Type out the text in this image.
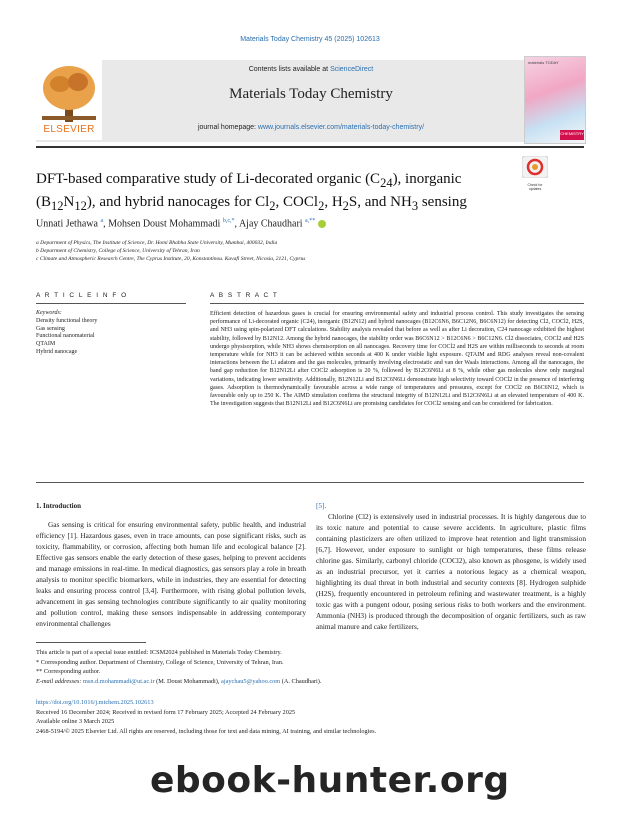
Materials Today Chemistry 45 (2025) 102613
ELSEVIER
Contents lists available at ScienceDirect
Materials Today Chemistry
journal homepage: www.journals.elsevier.com/materials-today-chemistry/
materials TODAY
CHEMISTRY
DFT-based comparative study of Li-decorated organic $(C_{24})$, inorganic
$(B_{12}N_{12})$, and hybrid nanocages for $Cl_2$, COCl$_2$, $H_2S$, and $NH_3$ sensing
Check for updates
Unnati Jethawa $^a$, Mohsen Doust Mohammadi $^{b,c,*}$, Ajay Chaudhari $^{a,**}$
a Department of Physics, The Institute of Science, Dr. Homi Bhabha State University, Mumbai, 400032, India
b Department of Chemistry, College of Science, University of Tehran, Iran
c Climate and Atmospheric Research Centre, The Cyprus Institute, 20, Konstantinou. Kavafi Street, Nicosia, 2121, Cyprus
A R T I C L E I N F O	A B S T R A C T
Keywords:
Density functional theory
Gas sensing
Functional nanomaterial
QTAIM
Hybrid nanocage
Efficient detection of hazardous gases is crucial for ensuring environmental safety and industrial process control. This study investigates the sensing performance of Li-decorated organic (C24), inorganic (B12N12) and hybrid nanocages (B12C6N6, B6C12N6, B6C6N12) for detecting Cl2, COCl2, H2S, and NH3 using spin-polarized DFT calculations. Stability analysis revealed that before as well as after Li decoration, C24 nanocage exhibited the highest stability, followed by B12N12. Among the hybrid nanocages, the stability order was B6C6N12 > B12C6N6 > B6C12N6. Cl2 dissociates, COCl2 and H2S undergo physisorption, while NH3 shows chemisorption on all nanocages. Recovery time for COCl2 and H2S are within milliseconds to seconds at room temperature while for NH3 it can be achieved within seconds at 400 K under visible light exposure. QTAIM and RDG analyses reveal non-covalent interactions between the Li adatom and the gas molecules, primarily involving electrostatic and van der Waals interactions. Among all the nanocages, the band gap reduction for B12N12Li after COCl2 adsorption is 20 %, followed by B12C6N6Li at 8 %, while other gas molecules show only marginal variations, indicating lower sensitivity. Additionally, B12N12Li and B12C6N6Li demonstrate high selectivity toward COCl2 in the presence of interfering gases. Adsorption is thermodynamically favourable across a wide range of temperatures and pressures, except for COCl2 on B6C6N12, which is favourable only up to 250 K. The AIMD simulation confirms the structural integrity of B12N12Li and B12C6N6Li at an elevated temperature of 400 K. The investigation suggests that B12N12Li and B12C6N6Li are promising candidates for COCl2 sensing and can be considered for fabrication.
1. Introduction
Gas sensing is critical for ensuring environmental safety, public health, and industrial efficiency [1]. Hazardous gases, even in trace amounts, can pose significant risks, such as toxicity, flammability, or corrosion, affecting both human life and ecological balance [2]. Effective gas sensors enable the early detection of these gases, helping to prevent accidents and manage emissions in real-time. In medical diagnostics, gas sensors play a role in breath analysis to monitor specific biomarkers, while in industries, they are essential for detecting leaks and ensuring process control [3,4]. Furthermore, with rising global pollution levels, advancement in gas sensing technologies contribute significantly to air quality monitoring and pollution control, making these sensors indispensable in addressing contemporary environmental challenges
[5].
Chlorine (Cl2) is extensively used in industrial processes. It is highly dangerous due to its toxic nature and potential to cause severe accidents. In agriculture, plastic films containing plasticizers are often utilized to improve heat retention and light transmission [6,7]. However, under exposure to sunlight or high temperatures, these films release chlorine gas. Similarly, carbonyl chloride (COCl2), also known as phosgene, is widely used as an industrial precursor, yet it carries a notorious legacy as a chemical weapon, highlighting its dual threat in both industrial and security contexts [8]. Hydrogen sulphide (H2S), frequently encountered in petroleum refining and wastewater treatment, is a highly toxic gas with a pungent odour, posing serious risks to both workers and the environment. Ammonia (NH3) is produced through the decomposition of organic fertilizers, such as raw animal manure and cake fertilizers,
This article is part of a special issue entitled: ICSM2024 published in Materials Today Chemistry.
* Corresponding author. Department of Chemistry, College of Science, University of Tehran, Iran.
** Corresponding author.
E-mail addresses: msn.d.mohammadi@ut.ac.ir (M. Doust Mohammadi), ajaychau5@yahoo.com (A. Chaudhari).
https://doi.org/10.1016/j.mtchem.2025.102613
Received 16 December 2024; Received in revised form 17 February 2025; Accepted 24 February 2025
Available online 3 March 2025
2468-5194/© 2025 Elsevier Ltd. All rights are reserved, including those for text and data mining, AI training, and similar technologies.
ebook-hunter.org
